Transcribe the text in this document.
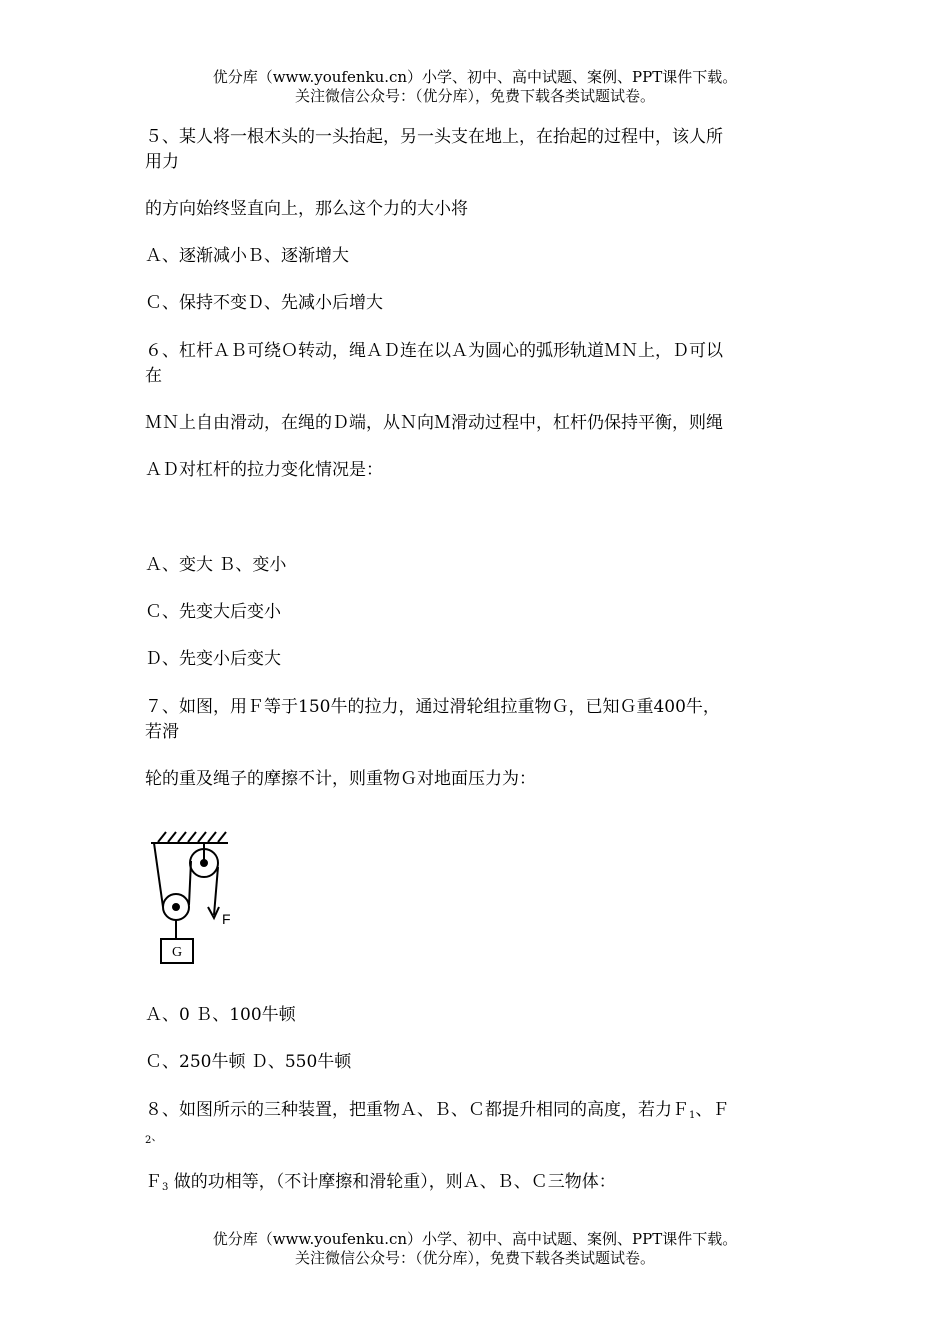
优分库（www.youfenku.cn）小学、初中、高中试题、案例、PPT课件下载。
关注微信公众号：（优分库），免费下载各类试题试卷。
５、某人将一根木头的一头抬起，另一头支在地上，在抬起的过程中，该人所
用力
的方向始终竖直向上，那么这个力的大小将
Ａ、逐渐减小Ｂ、逐渐增大
Ｃ、保持不变Ｄ、先减小后增大
６、杠杆ＡＢ可绕Ｏ转动，绳ＡＤ连在以Ａ为圆心的弧形轨道ＭＮ上，Ｄ可以
在
ＭＮ上自由滑动，在绳的Ｄ端，从Ｎ向Ｍ滑动过程中，杠杆仍保持平衡，则绳
ＡＤ对杠杆的拉力变化情况是：
Ａ、变大 Ｂ、变小
Ｃ、先变大后变小
Ｄ、先变小后变大
７、如图，用Ｆ等于150牛的拉力，通过滑轮组拉重物Ｇ，已知Ｇ重400牛，
若滑
轮的重及绳子的摩擦不计，则重物Ｇ对地面压力为：
G
F
Ａ、0 Ｂ、100牛顿
Ｃ、250牛顿 Ｄ、550牛顿
８、如图所示的三种装置，把重物Ａ、Ｂ、Ｃ都提升相同的高度，若力Ｆ$_1$、Ｆ
$_2$、
Ｆ$_3$ 做的功相等，（不计摩擦和滑轮重），则Ａ、Ｂ、Ｃ三物体：
优分库（www.youfenku.cn）小学、初中、高中试题、案例、PPT课件下载。
关注微信公众号：（优分库），免费下载各类试题试卷。
